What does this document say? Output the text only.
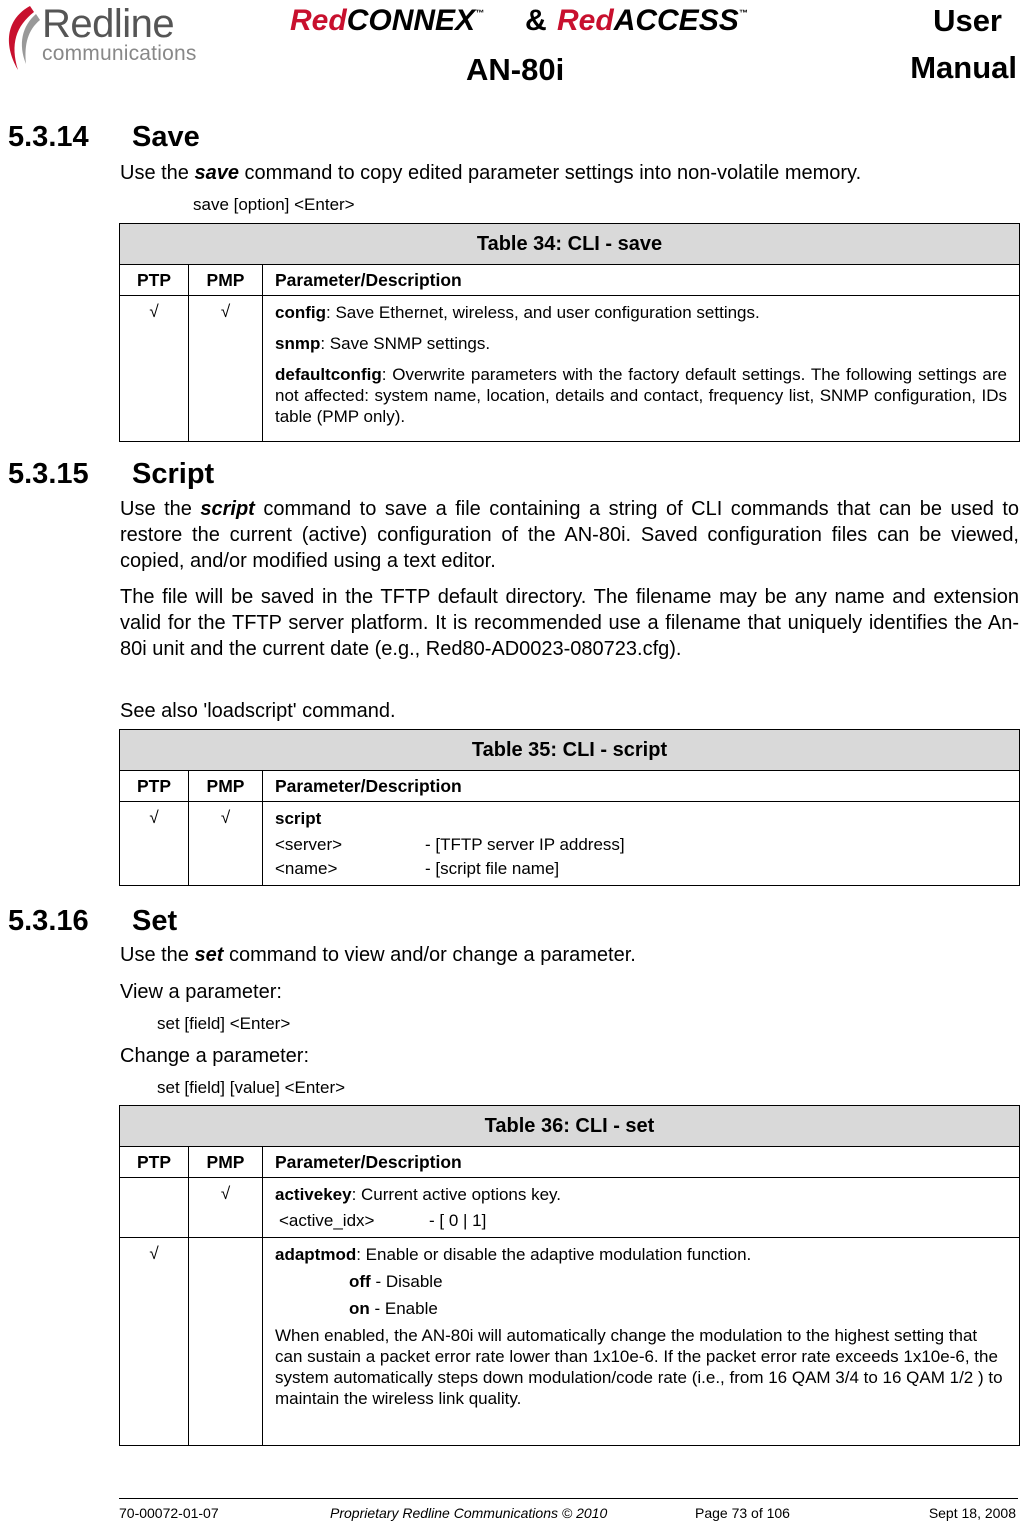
Redline
communications
RedCONNEX™ & RedACCESS™	User
Manual
AN-80i
5.3.14 Save

Use the save command to copy edited parameter settings into non-volatile memory.

save [option] <Enter>

Table 34: CLI - save		
PTP	PMP	Parameter/Description
√	√	config: Save Ethernet, wireless, and user configuration settings.

snmp: Save SNMP settings.

defaultconfig: Overwrite parameters with the factory default settings. The following settings are not affected: system name, location, details and contact, frequency list, SNMP configuration, IDs table (PMP only).

5.3.15 Script

Use the script command to save a file containing a string of CLI commands that can be used to restore the current (active) configuration of the AN-80i. Saved configuration files can be viewed, copied, and/or modified using a text editor.

The file will be saved in the TFTP default directory. The filename may be any name and extension valid for the TFTP server platform. It is recommended use a filename that uniquely identifies the An-80i unit and the current date (e.g., Red80-AD0023-080723.cfg).

See also 'loadscript' command.

Table 35: CLI - script		
PTP	PMP	Parameter/Description
√	√	script

<server> - [TFTP server IP address]
<name> - [script file name]
5.3.16 Set

Use the set command to view and/or change a parameter.

View a parameter:

set [field] <Enter>

Change a parameter:

set [field] [value] <Enter>

Table 36: CLI - set		
PTP	PMP	Parameter/Description
	√	activekey: Current active options key.

<active_idx> - [ 0 | 1]

√		adaptmod: Enable or disable the adaptive modulation function.

off - Disable

on - Enable

When enabled, the AN-80i will automatically change the modulation to the highest setting that can sustain a packet error rate lower than 1x10e-6. If the packet error rate exceeds 1x10e-6, the system automatically steps down modulation/code rate (i.e., from 16 QAM 3/4 to 16 QAM 1/2 ) to maintain the wireless link quality.

70-00072-01-07	Proprietary Redline Communications © 2010	Page 73 of 106	Sept 18, 2008
